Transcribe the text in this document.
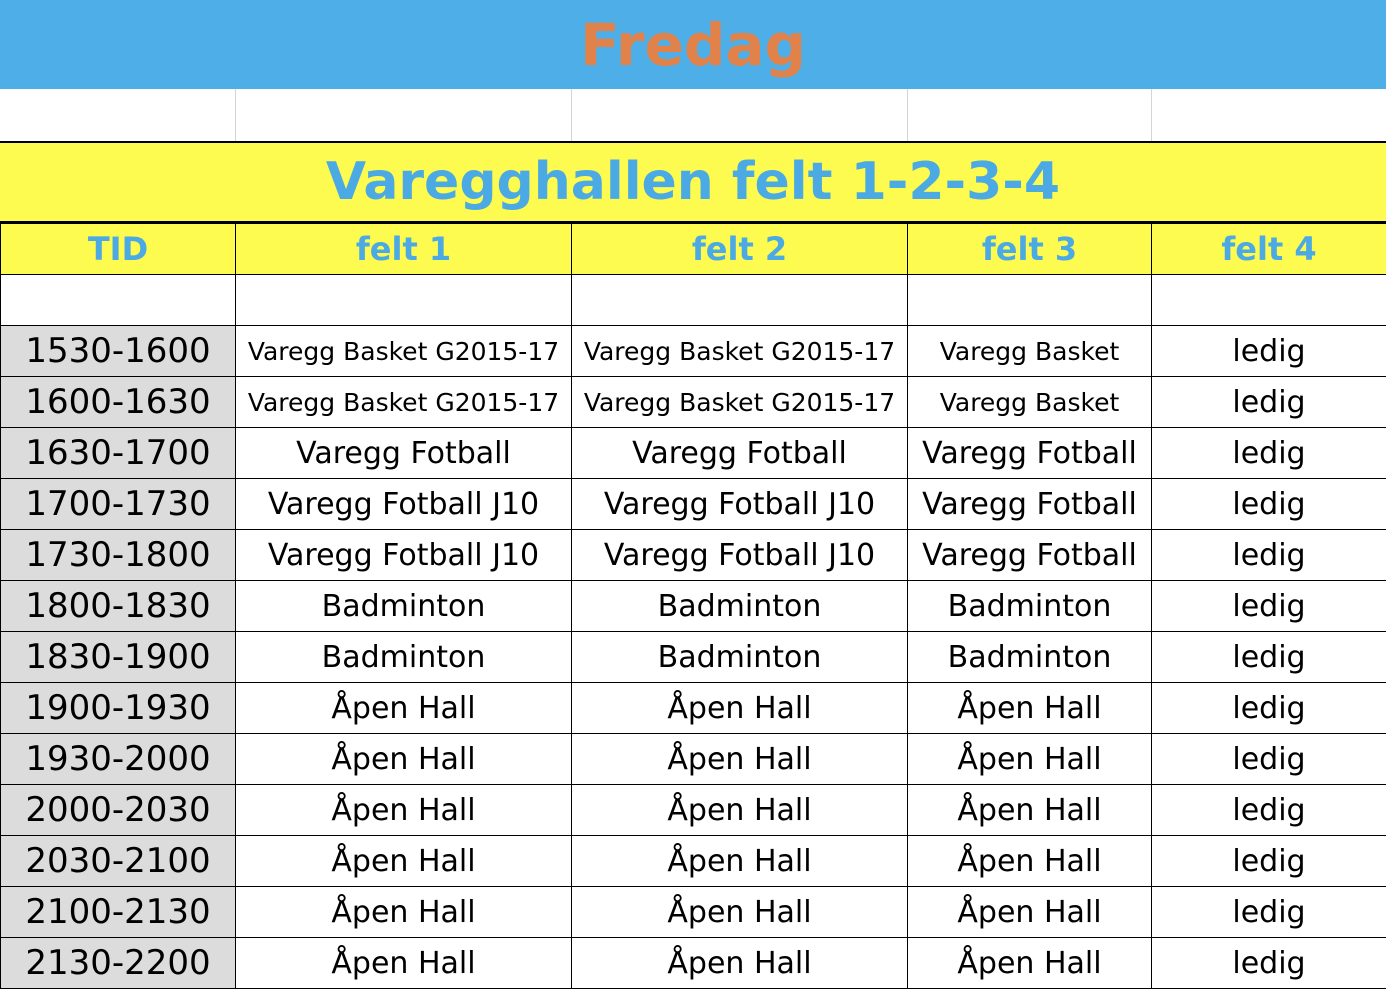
Fredag
Varegghallen felt 1-2-3-4
TID	felt 1	felt 2	felt 3	felt 4

1530-1600	Varegg Basket G2015-17	Varegg Basket G2015-17	Varegg Basket	ledig
1600-1630	Varegg Basket G2015-17	Varegg Basket G2015-17	Varegg Basket	ledig
1630-1700	Varegg Fotball	Varegg Fotball	Varegg Fotball	ledig
1700-1730	Varegg Fotball J10	Varegg Fotball J10	Varegg Fotball	ledig
1730-1800	Varegg Fotball J10	Varegg Fotball J10	Varegg Fotball	ledig
1800-1830	Badminton	Badminton	Badminton	ledig
1830-1900	Badminton	Badminton	Badminton	ledig
1900-1930	Åpen Hall	Åpen Hall	Åpen Hall	ledig
1930-2000	Åpen Hall	Åpen Hall	Åpen Hall	ledig
2000-2030	Åpen Hall	Åpen Hall	Åpen Hall	ledig
2030-2100	Åpen Hall	Åpen Hall	Åpen Hall	ledig
2100-2130	Åpen Hall	Åpen Hall	Åpen Hall	ledig
2130-2200	Åpen Hall	Åpen Hall	Åpen Hall	ledig
